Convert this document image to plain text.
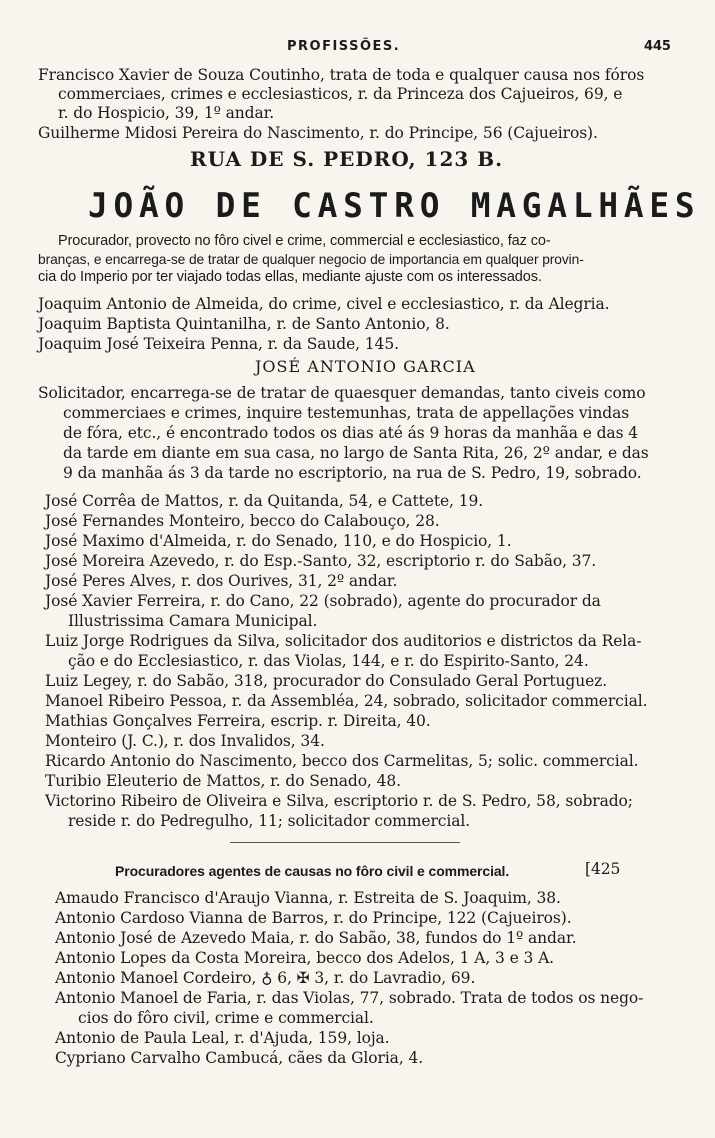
PROFISSÕES.	445
Francisco Xavier de Souza Coutinho, trata de toda e qualquer causa nos fóros
commerciaes, crimes e ecclesiasticos, r. da Princeza dos Cajueiros, 69, e
r. do Hospicio, 39, 1º andar.
Guilherme Midosi Pereira do Nascimento, r. do Principe, 56 (Cajueiros).
RUA DE S. PEDRO, 123 B.
JOÃO DE CASTRO MAGALHÃES
Procurador, provecto no fôro civel e crime, commercial e ecclesiastico, faz co-
branças, e encarrega-se de tratar de qualquer negocio de importancia em qualquer provin-
cia do Imperio por ter viajado todas ellas, mediante ajuste com os interessados.
Joaquim Antonio de Almeida, do crime, civel e ecclesiastico, r. da Alegria.
Joaquim Baptista Quintanilha, r. de Santo Antonio, 8.
Joaquim José Teixeira Penna, r. da Saude, 145.
JOSÉ ANTONIO GARCIA
Solicitador, encarrega-se de tratar de quaesquer demandas, tanto civeis como
commerciaes e crimes, inquire testemunhas, trata de appellações vindas
de fóra, etc., é encontrado todos os dias até ás 9 horas da manhãa e das 4
da tarde em diante em sua casa, no largo de Santa Rita, 26, 2º andar, e das
9 da manhãa ás 3 da tarde no escriptorio, na rua de S. Pedro, 19, sobrado.
José Corrêa de Mattos, r. da Quitanda, 54, e Cattete, 19.
José Fernandes Monteiro, becco do Calabouço, 28.
José Maximo d'Almeida, r. do Senado, 110, e do Hospicio, 1.
José Moreira Azevedo, r. do Esp.-Santo, 32, escriptorio r. do Sabão, 37.
José Peres Alves, r. dos Ourives, 31, 2º andar.
José Xavier Ferreira, r. do Cano, 22 (sobrado), agente do procurador da
Illustrissima Camara Municipal.
Luiz Jorge Rodrigues da Silva, solicitador dos auditorios e districtos da Rela-
ção e do Ecclesiastico, r. das Violas, 144, e r. do Espirito-Santo, 24.
Luiz Legey, r. do Sabão, 318, procurador do Consulado Geral Portuguez.
Manoel Ribeiro Pessoa, r. da Assembléa, 24, sobrado, solicitador commercial.
Mathias Gonçalves Ferreira, escrip. r. Direita, 40.
Monteiro (J. C.), r. dos Invalidos, 34.
Ricardo Antonio do Nascimento, becco dos Carmelitas, 5; solic. commercial.
Turibio Eleuterio de Mattos, r. do Senado, 48.
Victorino Ribeiro de Oliveira e Silva, escriptorio r. de S. Pedro, 58, sobrado;
reside r. do Pedregulho, 11; solicitador commercial.
Procuradores agentes de causas no fôro civil e commercial.	[425
Amaudo Francisco d'Araujo Vianna, r. Estreita de S. Joaquim, 38.
Antonio Cardoso Vianna de Barros, r. do Principe, 122 (Cajueiros).
Antonio José de Azevedo Maia, r. do Sabão, 38, fundos do 1º andar.
Antonio Lopes da Costa Moreira, becco dos Adelos, 1 A, 3 e 3 A.
Antonio Manoel Cordeiro, ♁ 6, ✠ 3, r. do Lavradio, 69.
Antonio Manoel de Faria, r. das Violas, 77, sobrado. Trata de todos os nego-
cios do fôro civil, crime e commercial.
Antonio de Paula Leal, r. d'Ajuda, 159, loja.
Cypriano Carvalho Cambucá, cães da Gloria, 4.
